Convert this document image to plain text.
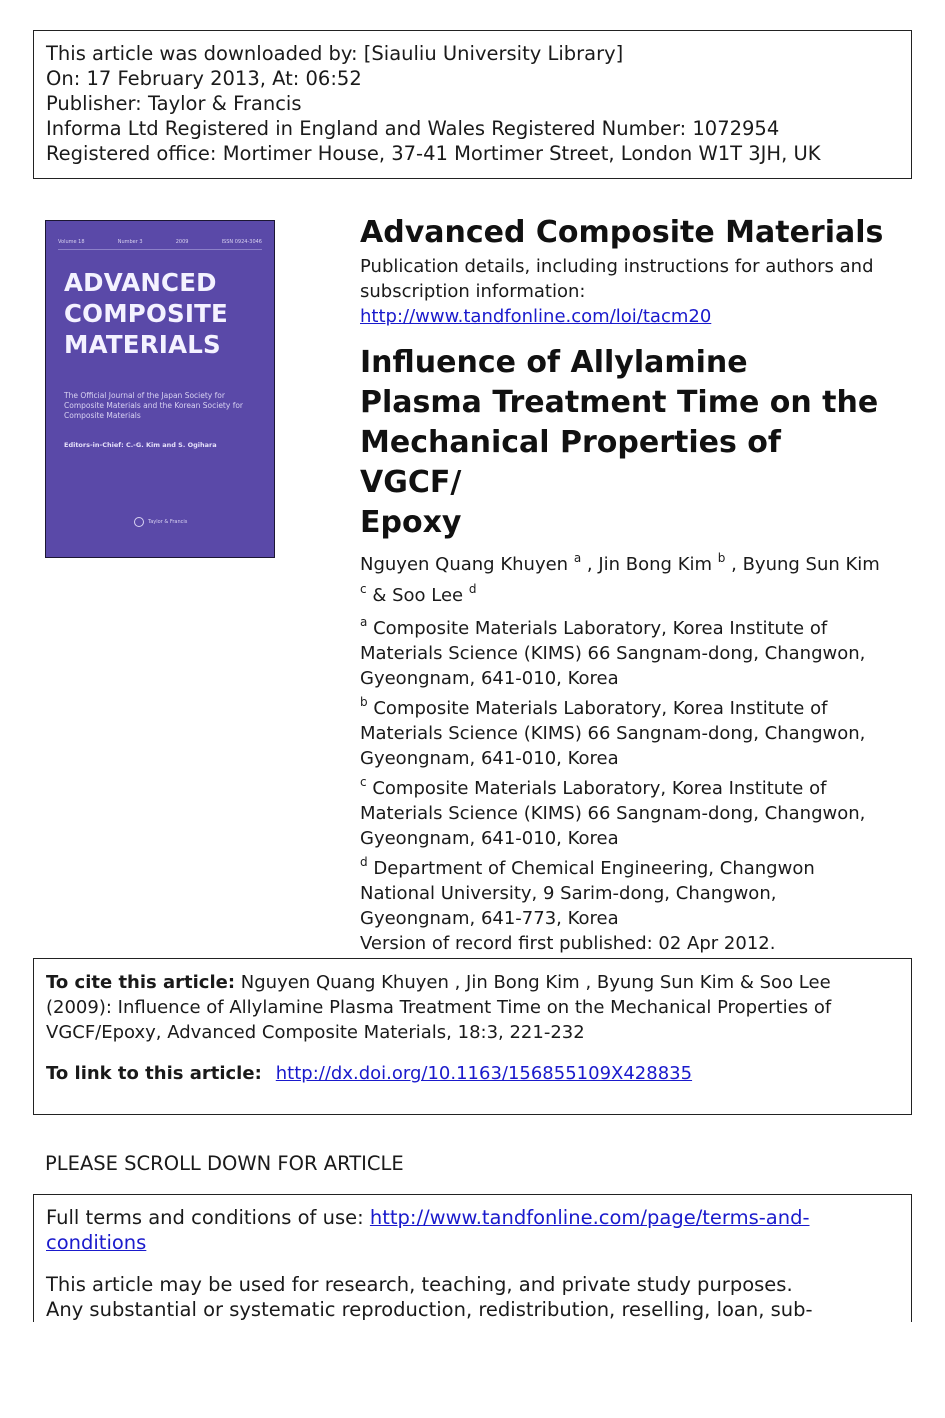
This article was downloaded by: [Siauliu University Library]
On: 17 February 2013, At: 06:52
Publisher: Taylor & Francis
Informa Ltd Registered in England and Wales Registered Number: 1072954
Registered office: Mortimer House, 37-41 Mortimer Street, London W1T 3JH, UK
Volume 18	Number 3	2009	ISSN 0924-3046
ADVANCED
COMPOSITE
MATERIALS
The Official Journal of the Japan Society for Composite Materials and the Korean Society for Composite Materials
Editors-in-Chief: C.-G. Kim and S. Ogihara
Taylor & Francis
Advanced Composite Materials
Publication details, including instructions for authors and subscription information:
http://www.tandfonline.com/loi/tacm20
Influence of Allylamine
Plasma Treatment Time on the
Mechanical Properties of VGCF/
Epoxy
Nguyen Quang Khuyen $^a$ , Jin Bong Kim $^b$ , Byung Sun Kim
$^c$ & Soo Lee $^d$
$^a$ Composite Materials Laboratory, Korea Institute of
Materials Science (KIMS) 66 Sangnam-dong, Changwon,
Gyeongnam, 641-010, Korea
$^b$ Composite Materials Laboratory, Korea Institute of
Materials Science (KIMS) 66 Sangnam-dong, Changwon,
Gyeongnam, 641-010, Korea
$^c$ Composite Materials Laboratory, Korea Institute of
Materials Science (KIMS) 66 Sangnam-dong, Changwon,
Gyeongnam, 641-010, Korea
$^d$ Department of Chemical Engineering, Changwon
National University, 9 Sarim-dong, Changwon,
Gyeongnam, 641-773, Korea
Version of record first published: 02 Apr 2012.
To cite this article: Nguyen Quang Khuyen , Jin Bong Kim , Byung Sun Kim & Soo Lee
(2009): Influence of Allylamine Plasma Treatment Time on the Mechanical Properties of
VGCF/Epoxy, Advanced Composite Materials, 18:3, 221-232
To link to this article: http://dx.doi.org/10.1163/156855109X428835
PLEASE SCROLL DOWN FOR ARTICLE
Full terms and conditions of use: http://www.tandfonline.com/page/terms-and-
conditions
This article may be used for research, teaching, and private study purposes.
Any substantial or systematic reproduction, redistribution, reselling, loan, sub-
